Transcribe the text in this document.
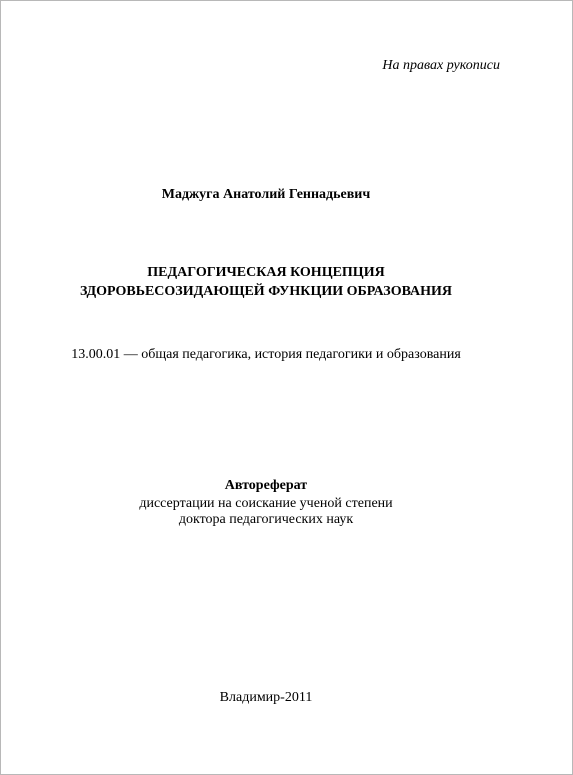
На правах рукописи
Маджуга Анатолий Геннадьевич
ПЕДАГОГИЧЕСКАЯ КОНЦЕПЦИЯ
ЗДОРОВЬЕСОЗИДАЮЩЕЙ ФУНКЦИИ ОБРАЗОВАНИЯ
13.00.01 — общая педагогика, история педагогики и образования
Автореферат
диссертации на соискание ученой степени
доктора педагогических наук
Владимир-2011
